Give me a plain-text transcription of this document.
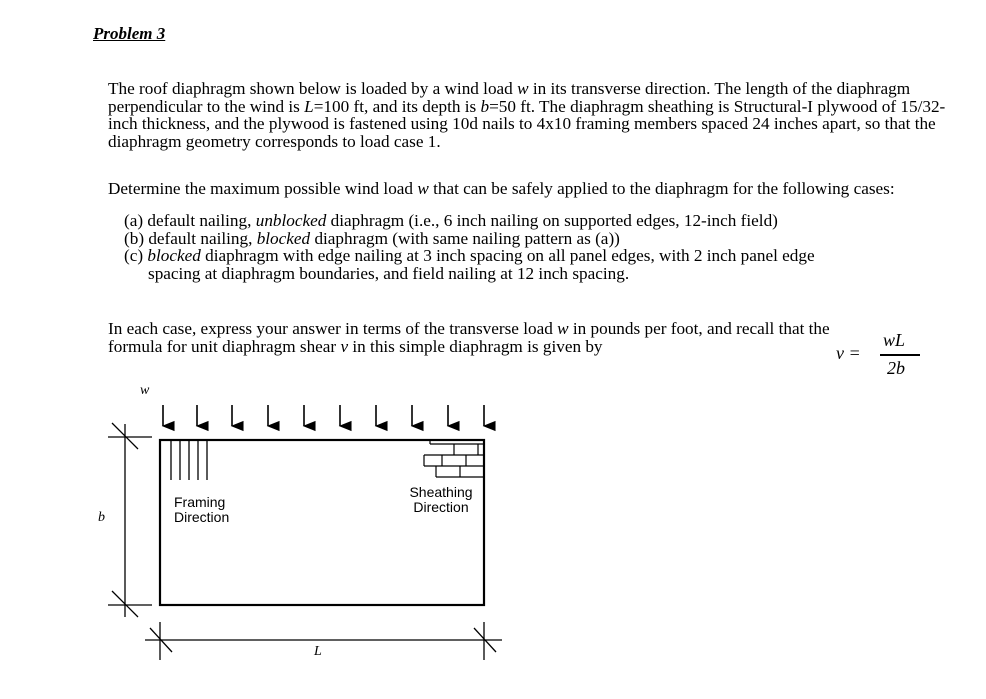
Problem 3
The roof diaphragm shown below is loaded by a wind load w in its transverse direction. The length of the diaphragm perpendicular to the wind is L=100 ft, and its depth is b=50 ft. The diaphragm sheathing is Structural-I plywood of 15/32-inch thickness, and the plywood is fastened using 10d nails to 4x10 framing members spaced 24 inches apart, so that the diaphragm geometry corresponds to load case 1.
Determine the maximum possible wind load w that can be safely applied to the diaphragm for the following cases:
(a) default nailing, unblocked diaphragm (i.e., 6 inch nailing on supported edges, 12-inch field)
(b) default nailing, blocked diaphragm (with same nailing pattern as (a))
(c) blocked diaphragm with edge nailing at 3 inch spacing on all panel edges, with 2 inch panel edge
spacing at diaphragm boundaries, and field nailing at 12 inch spacing.
In each case, express your answer in terms of the transverse load w in pounds per foot, and recall that the formula for unit diaphragm shear v in this simple diaphragm is given by	v =
wL
2b
w
b
L
Framing
Direction
Sheathing
Direction
